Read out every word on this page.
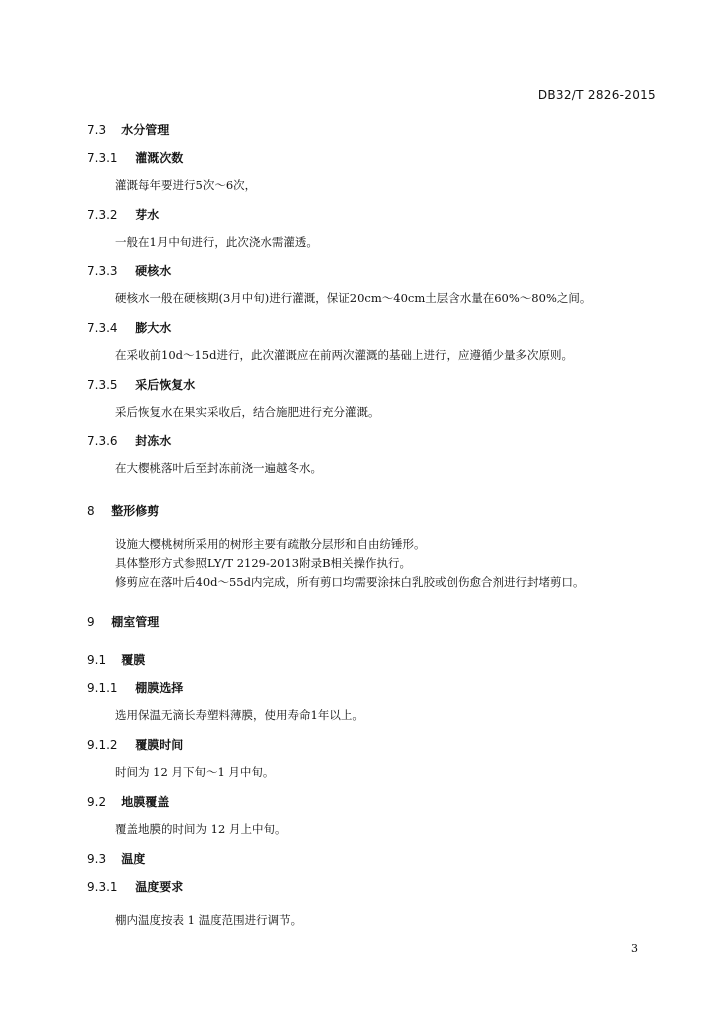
DB32/T 2826-2015
7.3 水分管理
7.3.1 灌溉次数
灌溉每年要进行5次～6次，
7.3.2 芽水
一般在1月中旬进行，此次浇水需灌透。
7.3.3 硬核水
硬核水一般在硬核期(3月中旬)进行灌溉，保证20cm～40cm土层含水量在60%～80%之间。
7.3.4 膨大水
在采收前10d～15d进行，此次灌溉应在前两次灌溉的基础上进行，应遵循少量多次原则。
7.3.5 采后恢复水
采后恢复水在果实采收后，结合施肥进行充分灌溉。
7.3.6 封冻水
在大樱桃落叶后至封冻前浇一遍越冬水。
8 整形修剪
设施大樱桃树所采用的树形主要有疏散分层形和自由纺锤形。
具体整形方式参照LY/T 2129-2013附录B相关操作执行。
修剪应在落叶后40d～55d内完成，所有剪口均需要涂抹白乳胶或创伤愈合剂进行封堵剪口。
9 棚室管理
9.1 覆膜
9.1.1 棚膜选择
选用保温无滴长寿塑料薄膜，使用寿命1年以上。
9.1.2 覆膜时间
时间为 12 月下旬～1 月中旬。
9.2 地膜覆盖
覆盖地膜的时间为 12 月上中旬。
9.3 温度
9.3.1 温度要求
棚内温度按表 1 温度范围进行调节。
3
